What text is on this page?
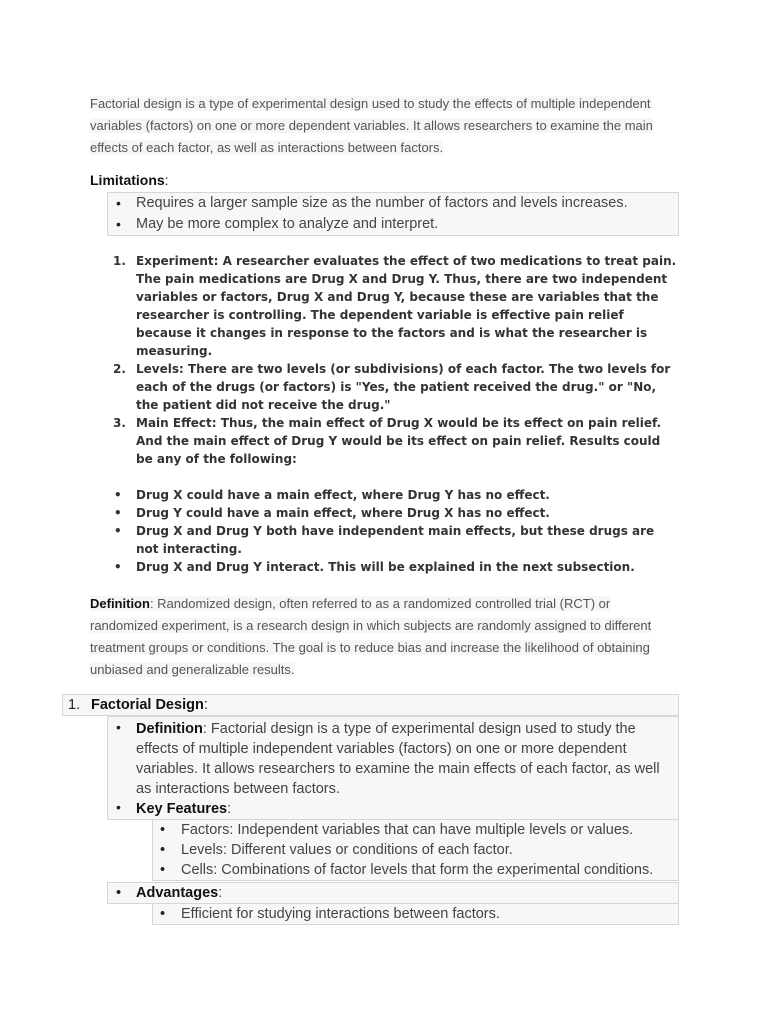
Factorial design is a type of experimental design used to study the effects of multiple independent variables (factors) on one or more dependent variables. It allows researchers to examine the main effects of each factor, as well as interactions between factors.

Limitations:
• Requires a larger sample size as the number of factors and levels increases.
• May be more complex to analyze and interpret.
1. Experiment: A researcher evaluates the effect of two medications to treat pain. The pain medications are Drug X and Drug Y. Thus, there are two independent variables or factors, Drug X and Drug Y, because these are variables that the researcher is controlling. The dependent variable is effective pain relief because it changes in response to the factors and is what the researcher is measuring.
2. Levels: There are two levels (or subdivisions) of each factor. The two levels for each of the drugs (or factors) is "Yes, the patient received the drug." or "No, the patient did not receive the drug."
3. Main Effect: Thus, the main effect of Drug X would be its effect on pain relief. And the main effect of Drug Y would be its effect on pain relief. Results could be any of the following:
• Drug X could have a main effect, where Drug Y has no effect.
• Drug Y could have a main effect, where Drug X has no effect.
• Drug X and Drug Y both have independent main effects, but these drugs are not interacting.
• Drug X and Drug Y interact. This will be explained in the next subsection.

Definition: Randomized design, often referred to as a randomized controlled trial (RCT) or randomized experiment, is a research design in which subjects are randomly assigned to different treatment groups or conditions. The goal is to reduce bias and increase the likelihood of obtaining unbiased and generalizable results.

1. Factorial Design:
• Definition: Factorial design is a type of experimental design used to study the effects of multiple independent variables (factors) on one or more dependent variables. It allows researchers to examine the main effects of each factor, as well as interactions between factors.
• Key Features:
• Factors: Independent variables that can have multiple levels or values.
• Levels: Different values or conditions of each factor.
• Cells: Combinations of factor levels that form the experimental conditions.
• Advantages:
• Efficient for studying interactions between factors.
